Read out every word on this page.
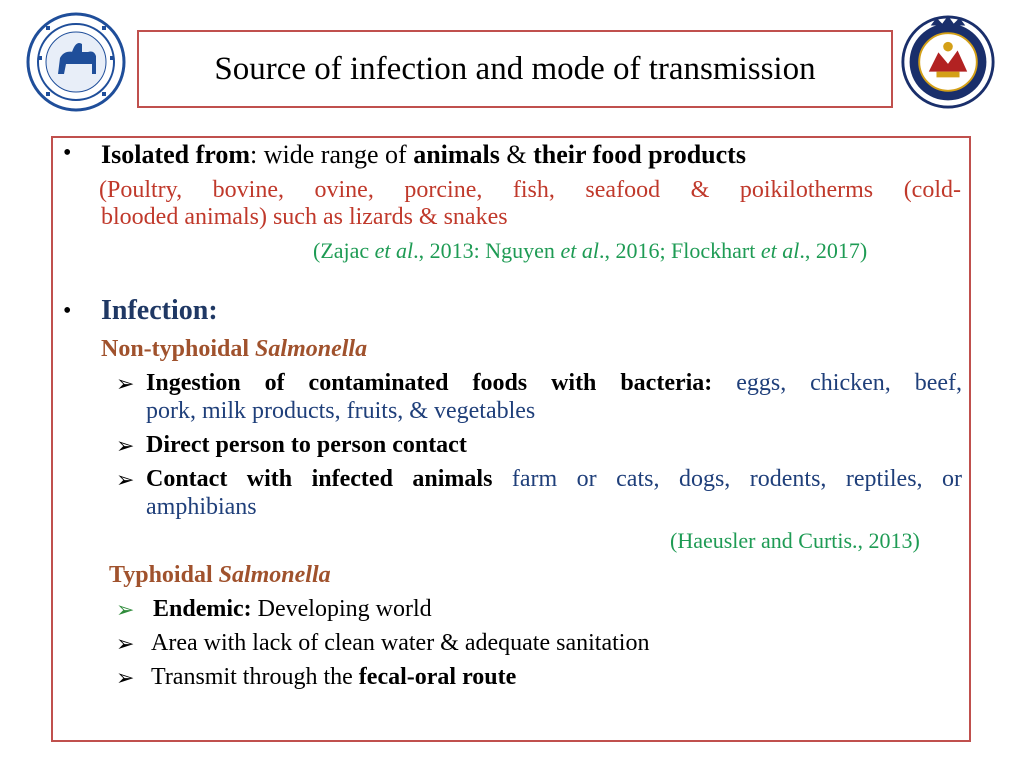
Source of infection and mode of transmission
• Isolated from: wide range of animals & their food products
(Poultry, bovine, ovine, porcine, fish, seafood & poikilotherms (cold-
blooded animals) such as lizards & snakes
(Zajac et al., 2013: Nguyen et al., 2016; Flockhart et al., 2017)
• Infection:
Non-typhoidal Salmonella
➢ Ingestion of contaminated foods with bacteria: eggs, chicken, beef,
pork, milk products, fruits, & vegetables
➢ Direct person to person contact
➢ Contact with infected animals farm or cats, dogs, rodents, reptiles, or
amphibians
(Haeusler and Curtis., 2013)
Typhoidal Salmonella
➢ Endemic: Developing world
➢ Area with lack of clean water & adequate sanitation
➢ Transmit through the fecal-oral route
